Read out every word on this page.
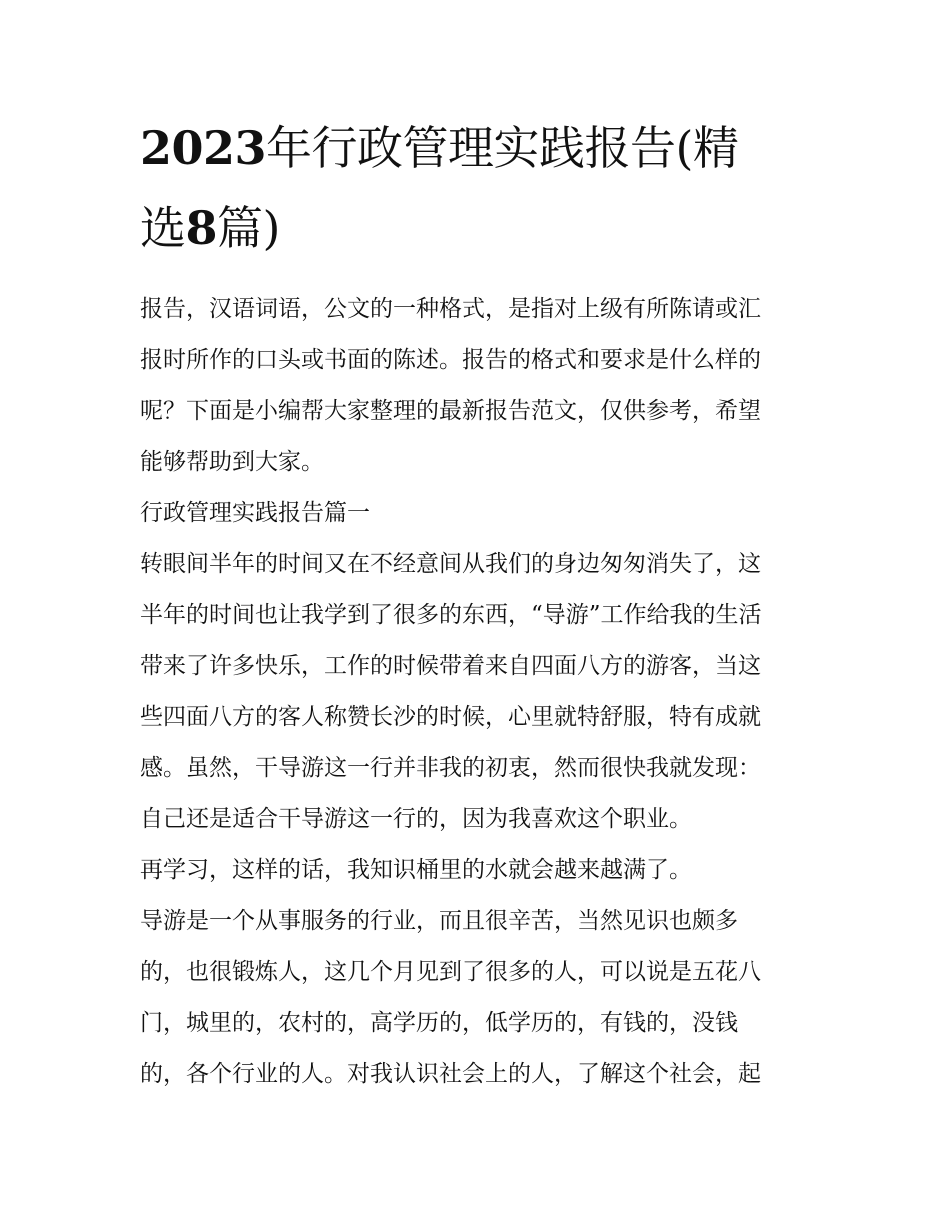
2023年行政管理实践报告(精
选8篇)
报告，汉语词语，公文的一种格式，是指对上级有所陈请或汇
报时所作的口头或书面的陈述。报告的格式和要求是什么样的
呢？下面是小编帮大家整理的最新报告范文，仅供参考，希望
能够帮助到大家。
行政管理实践报告篇一
转眼间半年的时间又在不经意间从我们的身边匆匆消失了，这
半年的时间也让我学到了很多的东西，“导游”工作给我的生活
带来了许多快乐，工作的时候带着来自四面八方的游客，当这
些四面八方的客人称赞长沙的时候，心里就特舒服，特有成就
感。虽然，干导游这一行并非我的初衷，然而很快我就发现：
自己还是适合干导游这一行的，因为我喜欢这个职业。
再学习，这样的话，我知识桶里的水就会越来越满了。
导游是一个从事服务的行业，而且很辛苦，当然见识也颇多
的，也很锻炼人，这几个月见到了很多的人，可以说是五花八
门，城里的，农村的，高学历的，低学历的，有钱的，没钱
的，各个行业的人。对我认识社会上的人，了解这个社会，起
